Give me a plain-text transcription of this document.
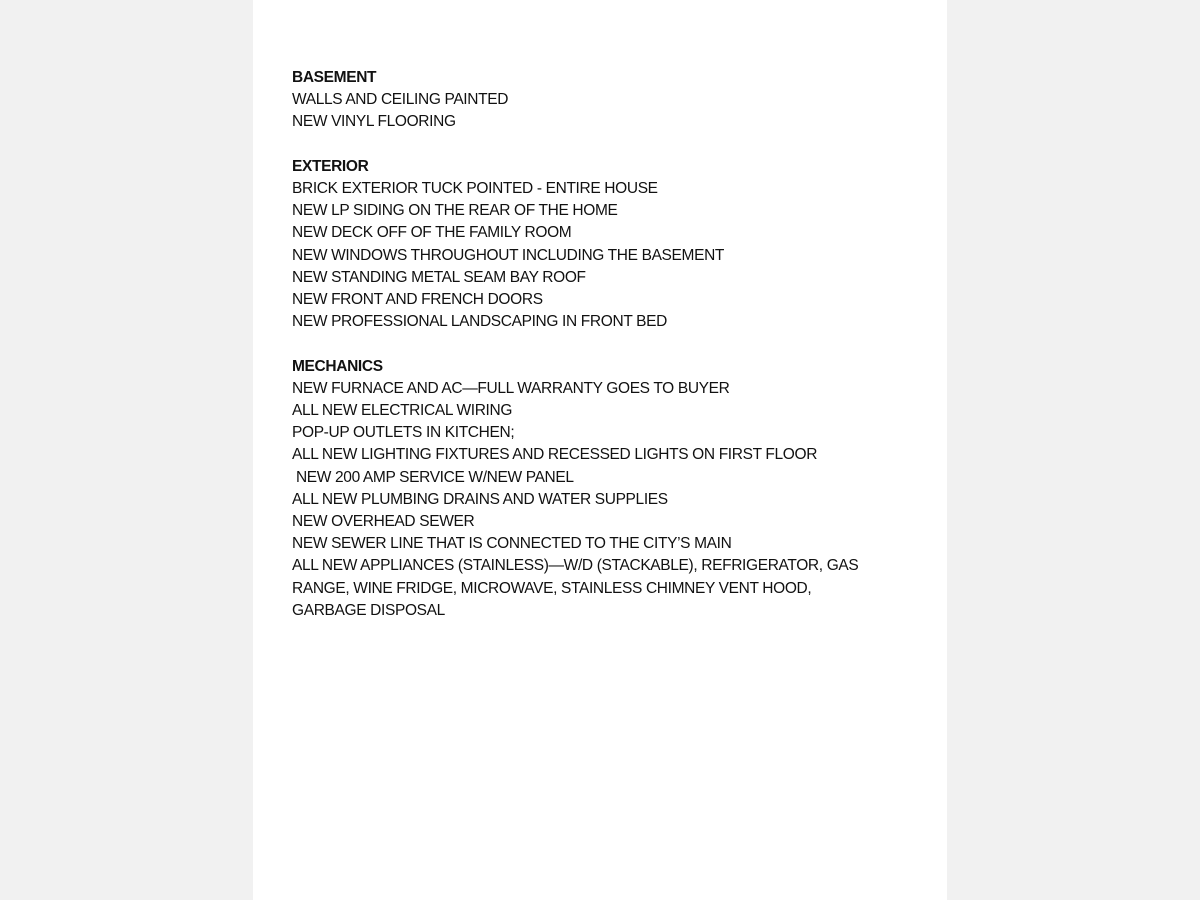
BASEMENT
WALLS AND CEILING PAINTED
NEW VINYL FLOORING
EXTERIOR
BRICK EXTERIOR TUCK POINTED - ENTIRE HOUSE
NEW LP SIDING ON THE REAR OF THE HOME
NEW DECK OFF OF THE FAMILY ROOM
NEW WINDOWS THROUGHOUT INCLUDING THE BASEMENT
NEW STANDING METAL SEAM BAY ROOF
NEW FRONT AND FRENCH DOORS
NEW PROFESSIONAL LANDSCAPING IN FRONT BED
MECHANICS
NEW FURNACE AND AC—FULL WARRANTY GOES TO BUYER
ALL NEW ELECTRICAL WIRING
POP-UP OUTLETS IN KITCHEN;
ALL NEW LIGHTING FIXTURES AND RECESSED LIGHTS ON FIRST FLOOR
NEW 200 AMP SERVICE W/NEW PANEL
ALL NEW PLUMBING DRAINS AND WATER SUPPLIES
NEW OVERHEAD SEWER
NEW SEWER LINE THAT IS CONNECTED TO THE CITY’S MAIN
ALL NEW APPLIANCES (STAINLESS)—W/D (STACKABLE), REFRIGERATOR, GAS
RANGE, WINE FRIDGE, MICROWAVE, STAINLESS CHIMNEY VENT HOOD,
GARBAGE DISPOSAL
